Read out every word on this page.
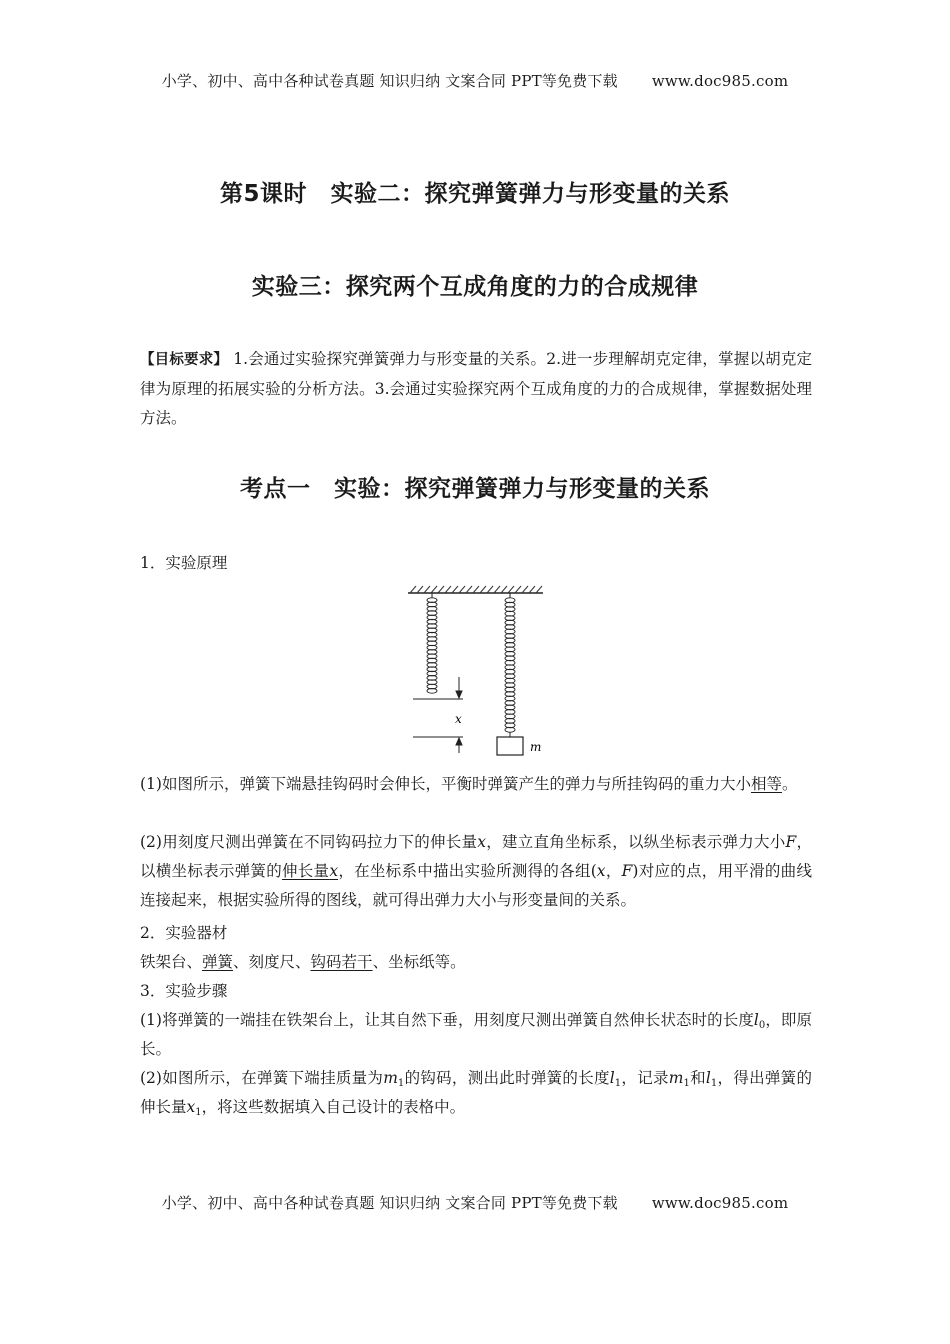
小学、初中、高中各种试卷真题 知识归纳 文案合同 PPT等免费下载 www.doc985.com
第5课时　实验二：探究弹簧弹力与形变量的关系
实验三：探究两个互成角度的力的合成规律
【目标要求】 1.会通过实验探究弹簧弹力与形变量的关系。2.进一步理解胡克定律，掌握以胡克定律为原理的拓展实验的分析方法。3.会通过实验探究两个互成角度的力的合成规律，掌握数据处理方法。
考点一　实验：探究弹簧弹力与形变量的关系
1．实验原理
x
m
(1)如图所示，弹簧下端悬挂钩码时会伸长，平衡时弹簧产生的弹力与所挂钩码的重力大小相等。
(2)用刻度尺测出弹簧在不同钩码拉力下的伸长量x，建立直角坐标系，以纵坐标表示弹力大小F，以横坐标表示弹簧的伸长量x，在坐标系中描出实验所测得的各组(x，F)对应的点，用平滑的曲线连接起来，根据实验所得的图线，就可得出弹力大小与形变量间的关系。
2．实验器材
铁架台、弹簧、刻度尺、钩码若干、坐标纸等。
3．实验步骤
(1)将弹簧的一端挂在铁架台上，让其自然下垂，用刻度尺测出弹簧自然伸长状态时的长度$l_0$，即原长。
(2)如图所示，在弹簧下端挂质量为$m_1$的钩码，测出此时弹簧的长度$l_1$，记录$m_1$和$l_1$，得出弹簧的伸长量$x_1$，将这些数据填入自己设计的表格中。
小学、初中、高中各种试卷真题 知识归纳 文案合同 PPT等免费下载 www.doc985.com
